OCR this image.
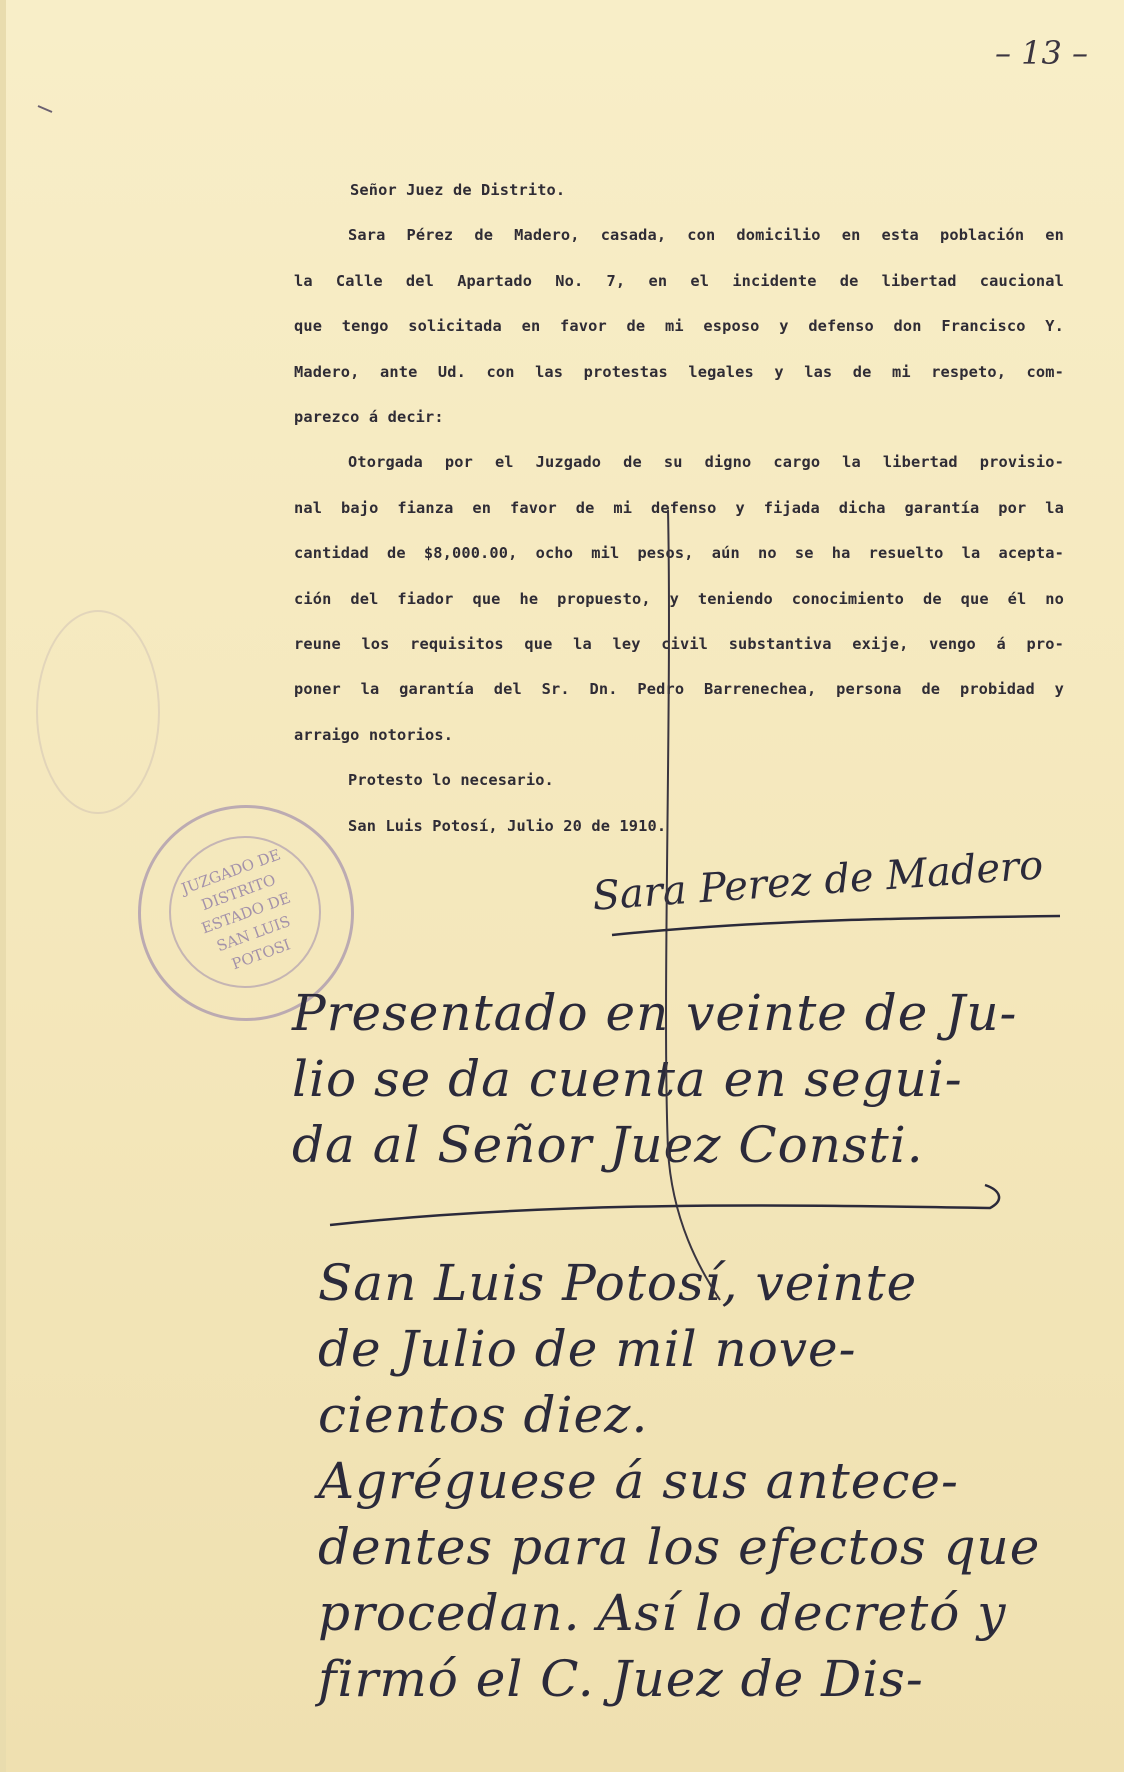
– 13 –

Señor Juez de Distrito.

Sara Pérez de Madero, casada, con domicilio en esta población en
la Calle del Apartado No. 7, en el incidente de libertad caucional
que tengo solicitada en favor de mi esposo y defenso don Francisco Y.
Madero, ante Ud. con las protestas legales y las de mi respeto, com-
parezco á decir:

Otorgada por el Juzgado de su digno cargo la libertad provisio-
nal bajo fianza en favor de mi defenso y fijada dicha garantía por la
cantidad de $8,000.00, ocho mil pesos, aún no se ha resuelto la acepta-
ción del fiador que he propuesto, y teniendo conocimiento de que él no
reune los requisitos que la ley civil substantiva exije, vengo á pro-
poner la garantía del Sr. Dn. Pedro Barrenechea, persona de probidad y
arraigo notorios.

Protesto lo necesario.

San Luis Potosí, Julio 20 de 1910.

JUZGADO DE DISTRITO ESTADO DE SAN LUIS POTOSI
Sara Perez de Madero
Presentado en veinte de Ju-
lio se da cuenta en segui-
da al Señor Juez Consti.
San Luis Potosí, veinte
de Julio de mil nove-
cientos diez.
Agréguese á sus antece-
dentes para los efectos que
procedan. Así lo decretó y
firmó el C. Juez de Dis-
